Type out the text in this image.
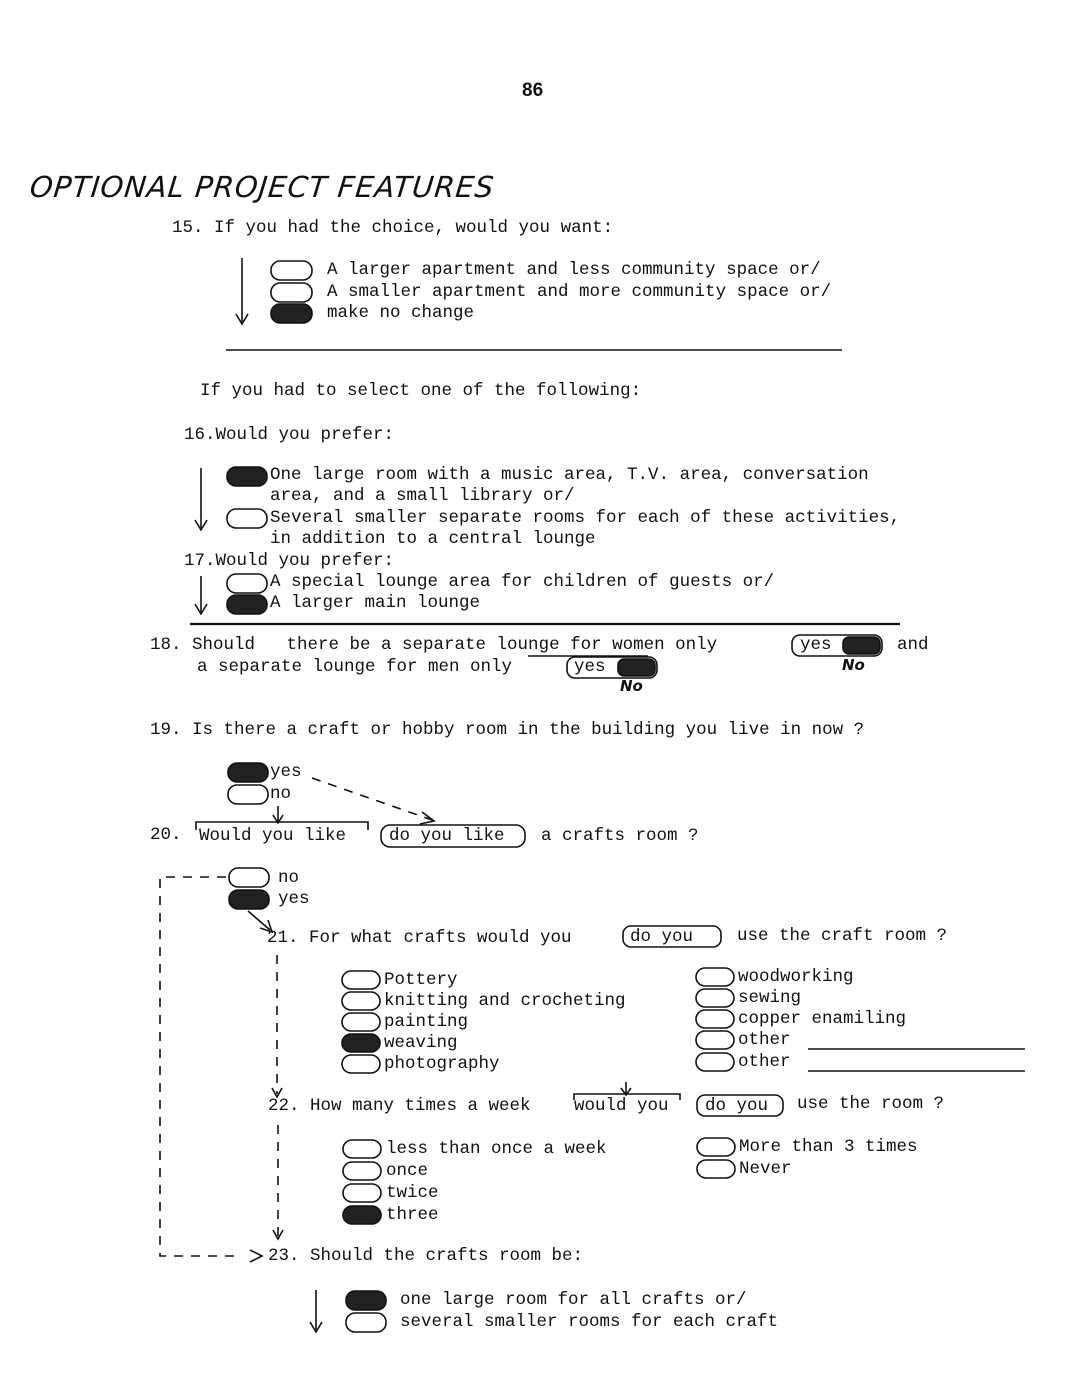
86
OPTIONAL PROJECT FEATURES
15. If you had the choice, would you want:
A larger apartment and less community space or/
A smaller apartment and more community space or/
make no change
If you had to select one of the following:
16.Would you prefer:
One large room with a music area, T.V. area, conversation
area, and a small library or/
Several smaller separate rooms for each of these activities,
in addition to a central lounge
17.Would you prefer:
A special lounge area for children of guests or/
A larger main lounge
18. Should   there be a separate lounge for women only	yes	and
a separate lounge for men only	yes	No
No
19. Is there a craft or hobby room in the building you live in now ?
yes
no
20. Would you like do you like a crafts room ?
no
yes
21. For what crafts would you	do you	use the craft room ?
Pottery
knitting and crocheting
painting
weaving
photography
woodworking
sewing
copper enamiling
other
other
22. How many times a week would you do you use the room ?
less than once a week
once
twice
three
More than 3 times
Never
23. Should the crafts room be:
one large room for all crafts or/
several smaller rooms for each craft
